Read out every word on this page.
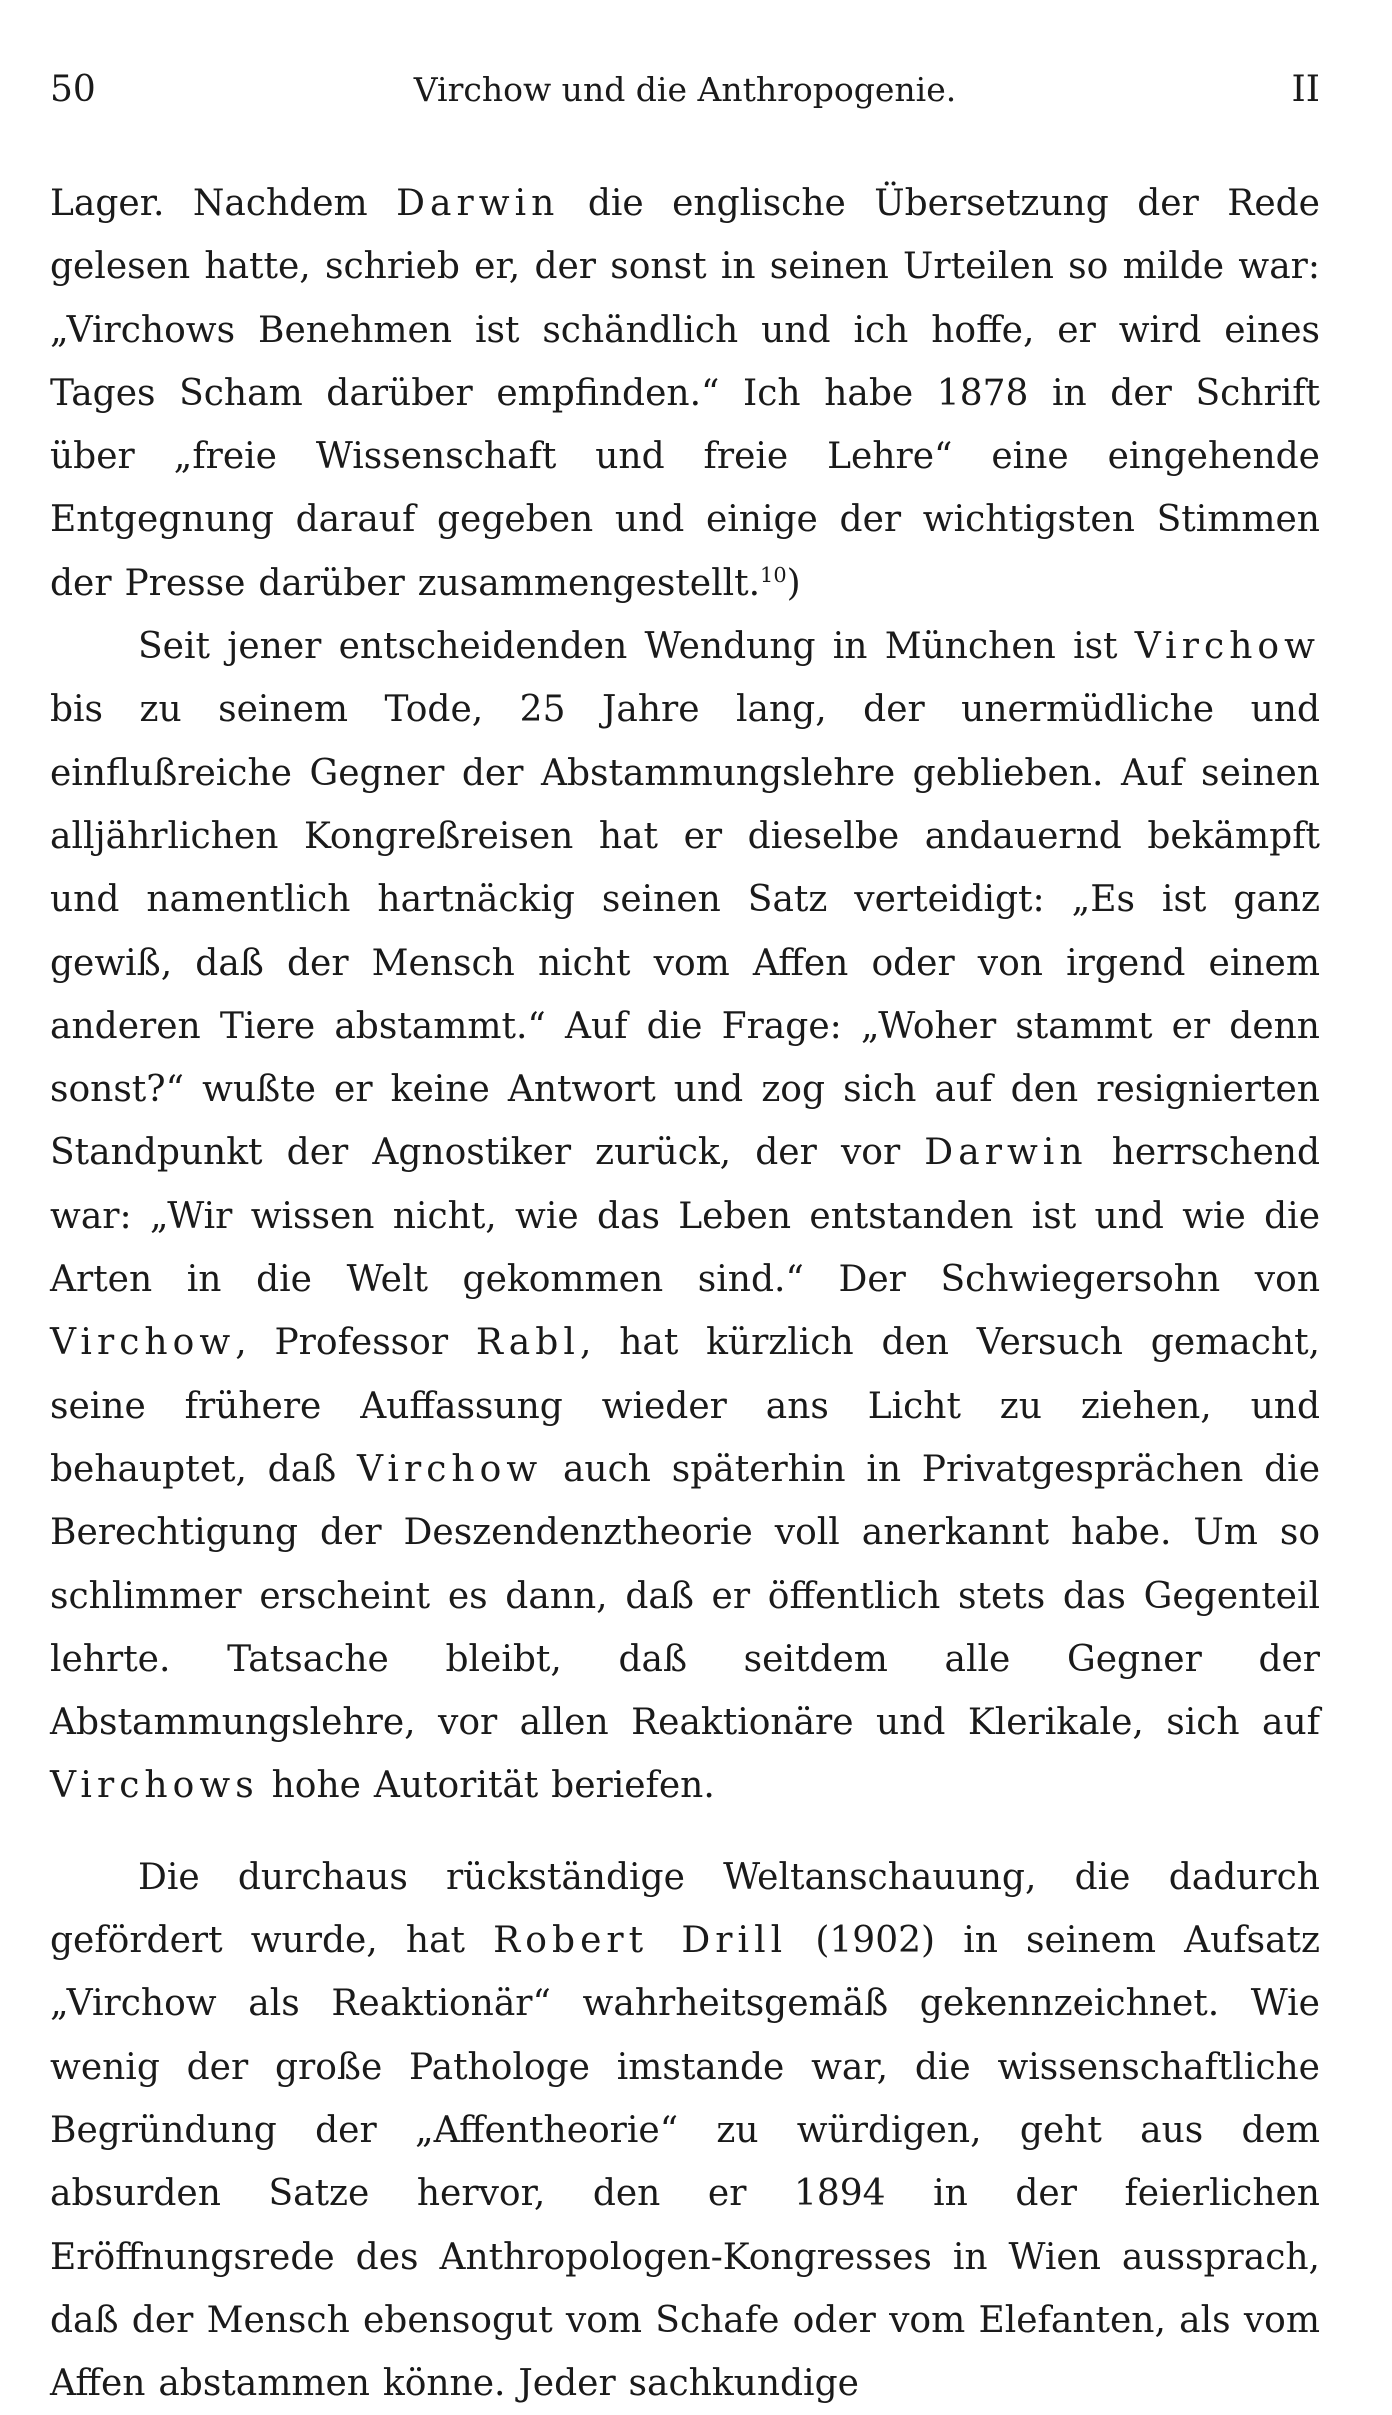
50	Virchow und die Anthropogenie.	II

Lager. Nachdem Darwin die englische Übersetzung der Rede gelesen hatte, schrieb er, der sonst in seinen Urteilen so milde war: „Virchows Benehmen ist schändlich und ich hoffe, er wird eines Tages Scham darüber empfinden.“ Ich habe 1878 in der Schrift über „freie Wissenschaft und freie Lehre“ eine eingehende Entgegnung darauf gegeben und einige der wichtigsten Stimmen der Presse darüber zusammengestellt.$^{10}$)

Seit jener entscheidenden Wendung in München ist Virchow bis zu seinem Tode, 25 Jahre lang, der unermüdliche und einflußreiche Gegner der Abstammungslehre geblieben. Auf seinen alljährlichen Kongreßreisen hat er dieselbe andauernd bekämpft und namentlich hartnäckig seinen Satz verteidigt: „Es ist ganz gewiß, daß der Mensch nicht vom Affen oder von irgend einem anderen Tiere abstammt.“ Auf die Frage: „Woher stammt er denn sonst?“ wußte er keine Antwort und zog sich auf den resignierten Standpunkt der Agnostiker zurück, der vor Darwin herrschend war: „Wir wissen nicht, wie das Leben entstanden ist und wie die Arten in die Welt gekommen sind.“ Der Schwiegersohn von Virchow, Professor Rabl, hat kürzlich den Versuch gemacht, seine frühere Auffassung wieder ans Licht zu ziehen, und behauptet, daß Virchow auch späterhin in Privatgesprächen die Berechtigung der Deszendenztheorie voll anerkannt habe. Um so schlimmer erscheint es dann, daß er öffentlich stets das Gegenteil lehrte. Tatsache bleibt, daß seitdem alle Gegner der Abstammungslehre, vor allen Reaktionäre und Klerikale, sich auf Virchows hohe Autorität beriefen.

Die durchaus rückständige Weltanschauung, die dadurch gefördert wurde, hat Robert Drill (1902) in seinem Aufsatz „Virchow als Reaktionär“ wahrheitsgemäß gekennzeichnet. Wie wenig der große Pathologe imstande war, die wissenschaftliche Begründung der „Affentheorie“ zu würdigen, geht aus dem absurden Satze hervor, den er 1894 in der feierlichen Eröffnungsrede des Anthropologen-Kongresses in Wien aussprach, daß der Mensch ebensogut vom Schafe oder vom Elefanten, als vom Affen abstammen könne. Jeder sachkundige
